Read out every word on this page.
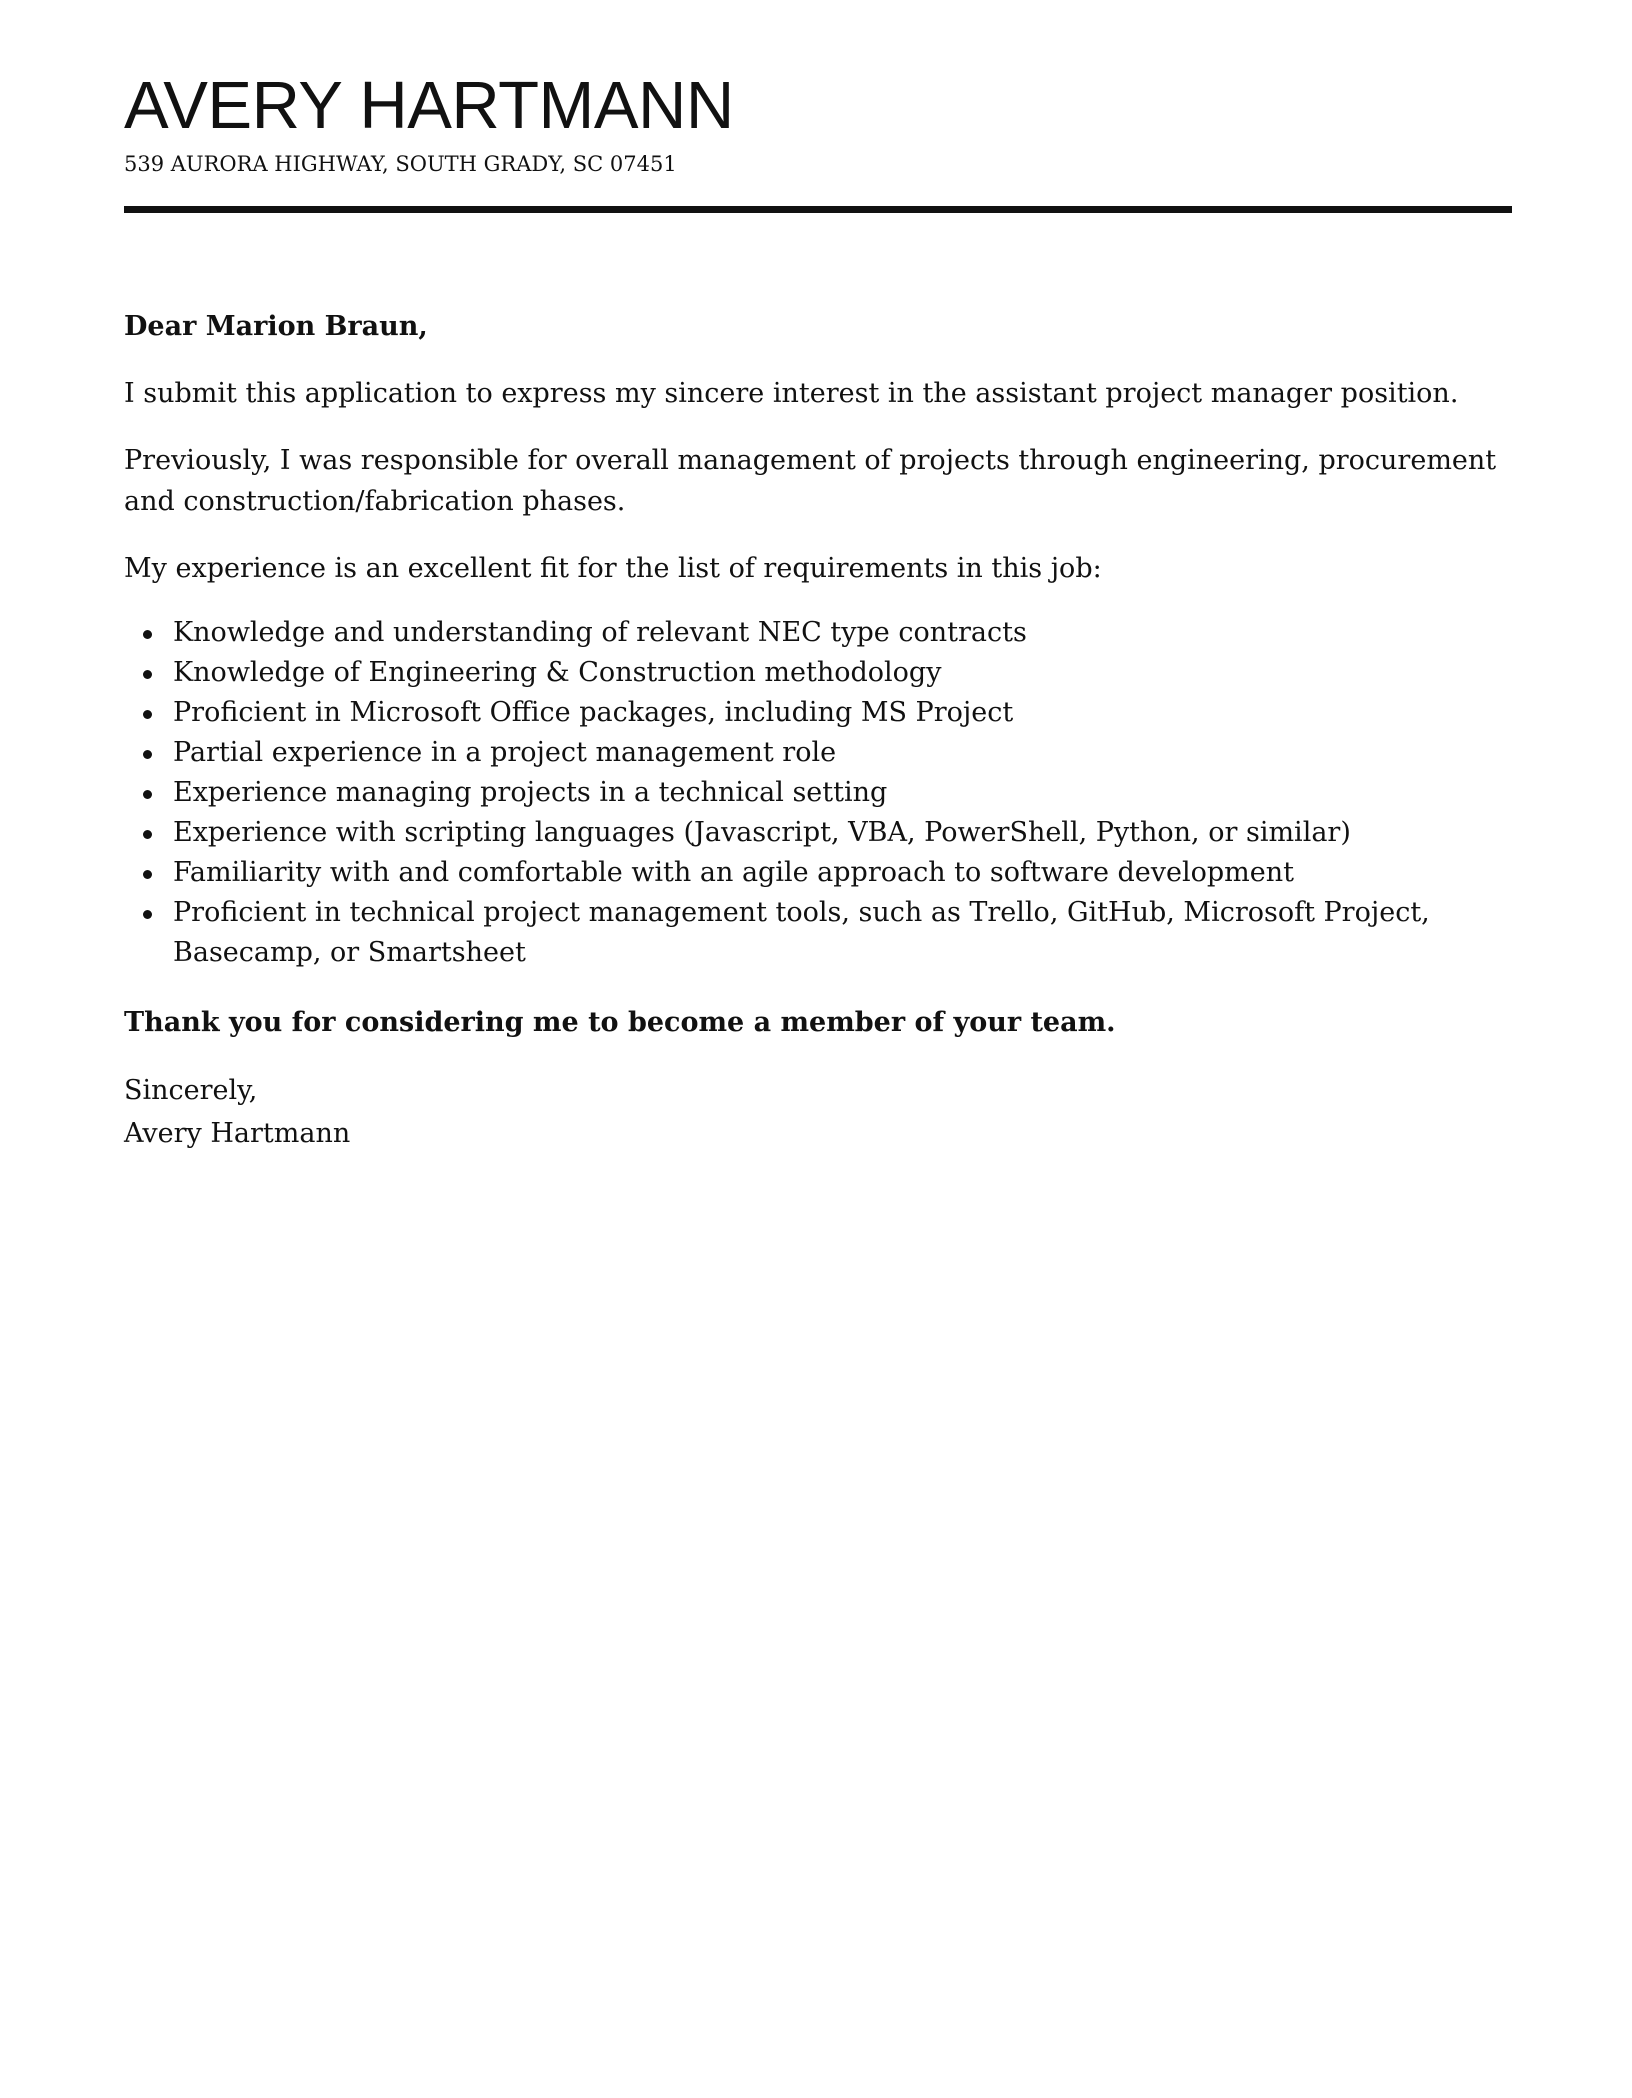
AVERY HARTMANN
539 AURORA HIGHWAY, SOUTH GRADY, SC 07451

Dear Marion Braun,

I submit this application to express my sincere interest in the assistant project manager position.

Previously, I was responsible for overall management of projects through engineering, procurement and construction/fabrication phases.

My experience is an excellent fit for the list of requirements in this job:

Knowledge and understanding of relevant NEC type contracts
Knowledge of Engineering & Construction methodology
Proficient in Microsoft Office packages, including MS Project
Partial experience in a project management role
Experience managing projects in a technical setting
Experience with scripting languages (Javascript, VBA, PowerShell, Python, or similar)
Familiarity with and comfortable with an agile approach to software development
Proficient in technical project management tools, such as Trello, GitHub, Microsoft Project, Basecamp, or Smartsheet

Thank you for considering me to become a member of your team.

Sincerely,
Avery Hartmann
